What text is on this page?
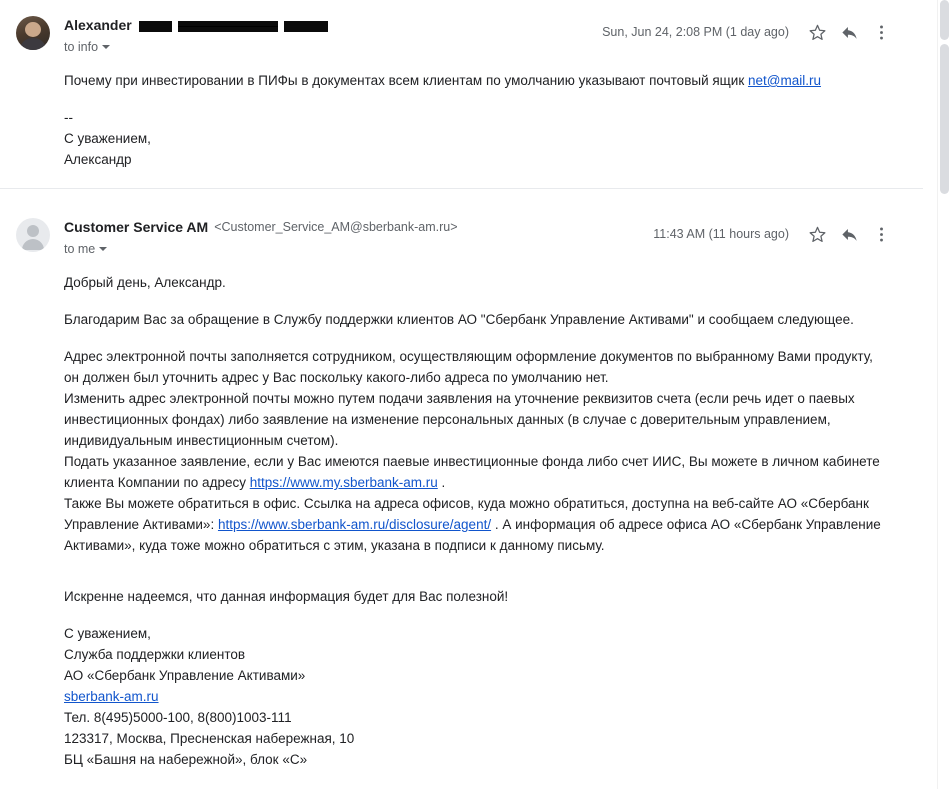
Alexander
to info
Sun, Jun 24, 2:08 PM (1 day ago)

Почему при инвестировании в ПИФы в документах всем клиентам по умолчанию указывают почтовый ящик net@mail.ru

--

С уважением,

Александр

Customer Service AM <Customer_Service_AM@sberbank-am.ru>
to me
11:43 AM (11 hours ago)

Добрый день, Александр.

Благодарим Вас за обращение в Службу поддержки клиентов АО "Сбербанк Управление Активами" и сообщаем следующее.

Адрес электронной почты заполняется сотрудником, осуществляющим оформление документов по выбранному Вами продукту, он должен был уточнить адрес у Вас поскольку какого-либо адреса по умолчанию нет.

Изменить адрес электронной почты можно путем подачи заявления на уточнение реквизитов счета (если речь идет о паевых инвестиционных фондах) либо заявление на изменение персональных данных (в случае с доверительным управлением, индивидуальным инвестиционным счетом).

Подать указанное заявление, если у Вас имеются паевые инвестиционные фонда либо счет ИИС, Вы можете в личном кабинете клиента Компании по адресу https://www.my.sberbank-am.ru .

Также Вы можете обратиться в офис. Ссылка на адреса офисов, куда можно обратиться, доступна на веб-сайте АО «Сбербанк Управление Активами»: https://www.sberbank-am.ru/disclosure/agent/ . А информация об адресе офиса АО «Сбербанк Управление Активами», куда тоже можно обратиться с этим, указана в подписи к данному письму.

Искренне надеемся, что данная информация будет для Вас полезной!

С уважением,

Служба поддержки клиентов

АО «Сбербанк Управление Активами»

sberbank-am.ru

Тел. 8(495)5000-100, 8(800)1003-111

123317, Москва, Пресненская набережная, 10

БЦ «Башня на набережной», блок «С»
